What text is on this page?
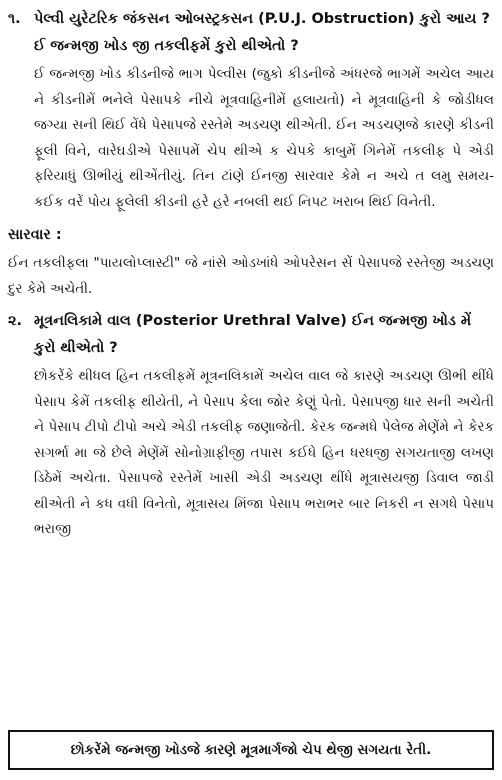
૧. પેલ્વી યુરેટરિક જંકસન ઓબસ્ટ્રકસન (P.U.J. Obstruction) કુરો આય ? ઈ જન્મજી ખોડ જી તકલીફમેં કુરો થીએતો ?

ઈ જન્મજી ખોડ કીડનીજે ભાગ પેલ્વીસ (જુકો કીડનીજે અંધરજે ભાગમેં અચેલ આય ને કીડનીમેં ભનેલે પેસાપકે નીચે મૂત્રવાહિનીમેં હલાયતો) ને મૂત્રવાહિની કે જોડીધલ જગ્યા સની થિઈ વેંધે પેસાપજે રસ્તેમે અડચણ થીએતી. ઈન અડચણજે કારણે કીડની ફૂલી વિને, વારેઘડીએ પેસાપમેં ચેપ થીએ ક ચેપકે કાબુમેં ગિનેમેં તકલીફ પે એડી ફરિયાધું ઊભીયું થીએંતીયું. તિન ટાંણે ઈનજી સારવાર કેમે ન અચે ત લમુ સમય-કઈક વરેં પોય ફૂલેલી કીડની હરે હરે નબલી થઈ નિપટ ખરાબ થિઈ વિનેતી.

સારવાર :

ઈન તકલીફલા "પાયલોપ્લાસ્ટી" જે નાંસે ઓડખાંધે ઓપરેસન સેં પેસાપજે રસ્તેજી અડચણ દુર કેમે અચેતી.

૨. મૂત્રનલિકામે વાલ (Posterior Urethral Valve) ઈન જન્મજી ખોડ મેં કુરો થીએતો ?

છોકરેંકે થીધલ હિન તકલીફમેં મૂત્રનલિકામેં અચેલ વાલ જે કારણે અડચણ ઊભી થીંધે પેસાપ કેમેં તકલીફ થીયેતી, ને પેસાપ કેલા જોર કેણું પેતો. પેસાપજી ધાર સની અચેતી ને પેસાપ ટીપો ટીપો અચે એડી તકલીફ જણાજેતી. કેરક જન્મધે પેલેજ મેણેંમે ને કેરક સગર્ભા મા જે છેલે મેણેંમેં સોનોગ્રાફીજી તપાસ કઈધે હિન ધરધજી સગયતાજી લખણ ડિઠેમેં અચેતા. પેસાપજે રસ્તેમેં ખાસી એડી અડચણ થીંધે મૂત્રાસયજી ડિવાલ જાડી થીએતી ને કધ વધી વિનેતો, મૂત્રાસય મિંજા પેસાપ ભરાભર બાર નિકરી ન સગધે પેસાપ ભરાજી

છોકરેંમે જન્મજી ખોડજે કારણે મૂત્રમાર્ગજો ચેપ થેજી સગયતા રેતી.
